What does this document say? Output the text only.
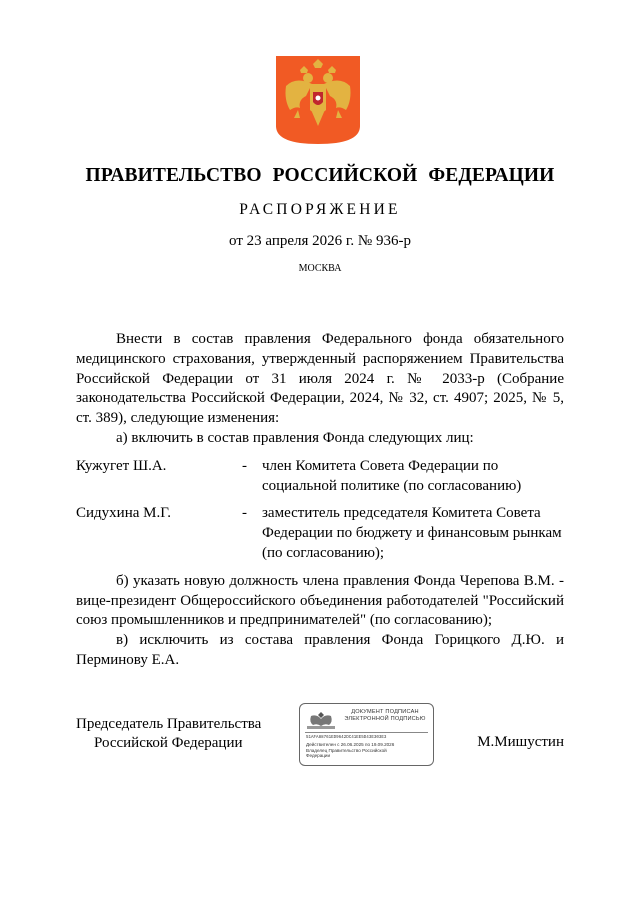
ПРАВИТЕЛЬСТВО РОССИЙСКОЙ ФЕДЕРАЦИИ
РАСПОРЯЖЕНИЕ
от 23 апреля 2026 г. № 936-р
МОСКВА

Внести в состав правления Федерального фонда обязательного медицинского страхования, утвержденный распоряжением Правительства Российской Федерации от 31 июля 2024 г. № 2033-р (Собрание законодательства Российской Федерации, 2024, № 32, ст. 4907; 2025, № 5, ст. 389), следующие изменения:

а) включить в состав правления Фонда следующих лиц:

Кужугет Ш.А.	-	член Комитета Совета Федерации по социальной политике (по согласованию)
Сидухина М.Г.	-	заместитель председателя Комитета Совета Федерации по бюджету и финансовым рынкам (по согласованию);

б) указать новую должность члена правления Фонда Черепова В.М. - вице-президент Общероссийского объединения работодателей "Российский союз промышленников и предпринимателей" (по согласованию);

в) исключить из состава правления Фонда Горицкого Д.Ю. и Перминову Е.А.

Председатель Правительства
Российской Федерации
ДОКУМЕНТ ПОДПИСАН
ЭЛЕКТРОННОЙ ПОДПИСЬЮ
51AFA88761ED9642DC41EE5D43E303E3
Действителен с 26.06.2025 по 19.09.2026
Владелец Правительство Российской
Федерации
М.Мишустин
